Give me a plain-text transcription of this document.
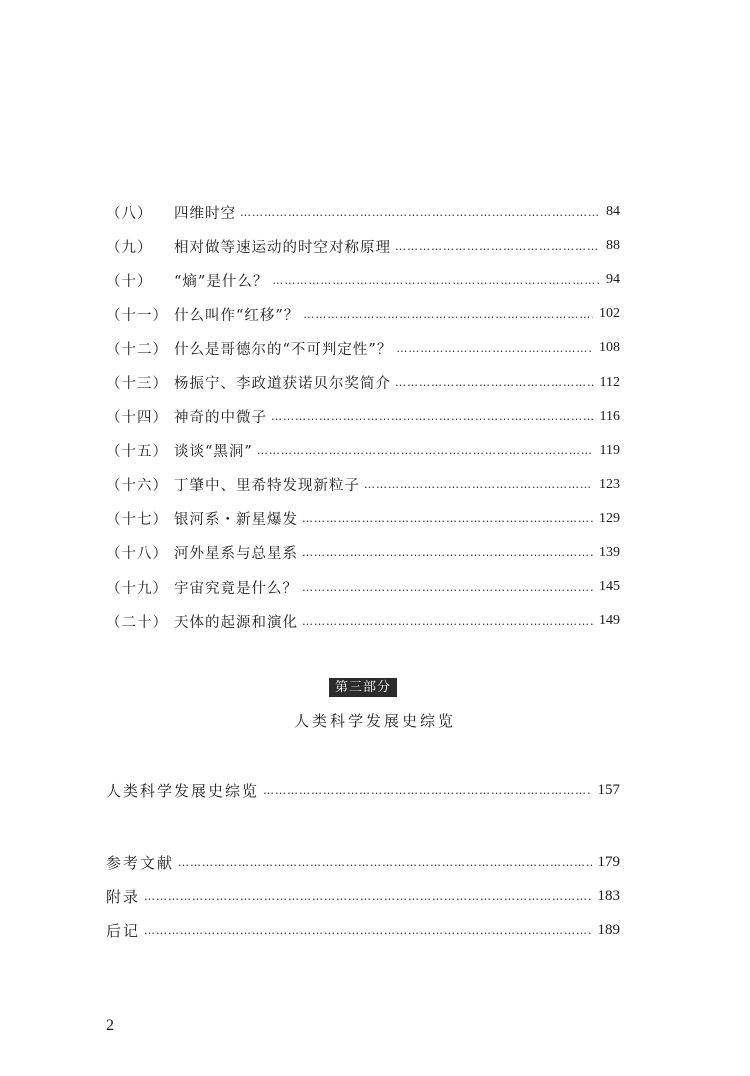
（八）	四维时空 ……………………………………………………………………………………………………………………………………………………………………………………………………………………	84
（九）	相对做等速运动的时空对称原理 ……………………………………………………………………………………………………………………………………………………………………………………………………………………	88
（十）	“熵”是什么？ ……………………………………………………………………………………………………………………………………………………………………………………………………………………	94
（十一） 什么叫作“红移”？ ……………………………………………………………………………………………………………………………………………………………………………………………………………………	102
（十二） 什么是哥德尔的“不可判定性”？ ……………………………………………………………………………………………………………………………………………………………………………………………………………………	108
（十三） 杨振宁、李政道获诺贝尔奖简介 ……………………………………………………………………………………………………………………………………………………………………………………………………………………	112
（十四） 神奇的中微子 ……………………………………………………………………………………………………………………………………………………………………………………………………………………	116
（十五） 谈谈“黑洞” ……………………………………………………………………………………………………………………………………………………………………………………………………………………	119
（十六） 丁肇中、里希特发现新粒子 ……………………………………………………………………………………………………………………………………………………………………………………………………………………	123
（十七） 银河系・新星爆发 ……………………………………………………………………………………………………………………………………………………………………………………………………………………	129
（十八） 河外星系与总星系 ……………………………………………………………………………………………………………………………………………………………………………………………………………………	139
（十九） 宇宙究竟是什么？ ……………………………………………………………………………………………………………………………………………………………………………………………………………………	145
（二十） 天体的起源和演化 ……………………………………………………………………………………………………………………………………………………………………………………………………………………	149
第三部分
人类科学发展史综览
人类科学发展史综览 ……………………………………………………………………………………………………………………………………………………………………………………………………………………	157
参考文献 ……………………………………………………………………………………………………………………………………………………………………………………………………………………	179
附录 ……………………………………………………………………………………………………………………………………………………………………………………………………………………	183
后记 ……………………………………………………………………………………………………………………………………………………………………………………………………………………	189
2
